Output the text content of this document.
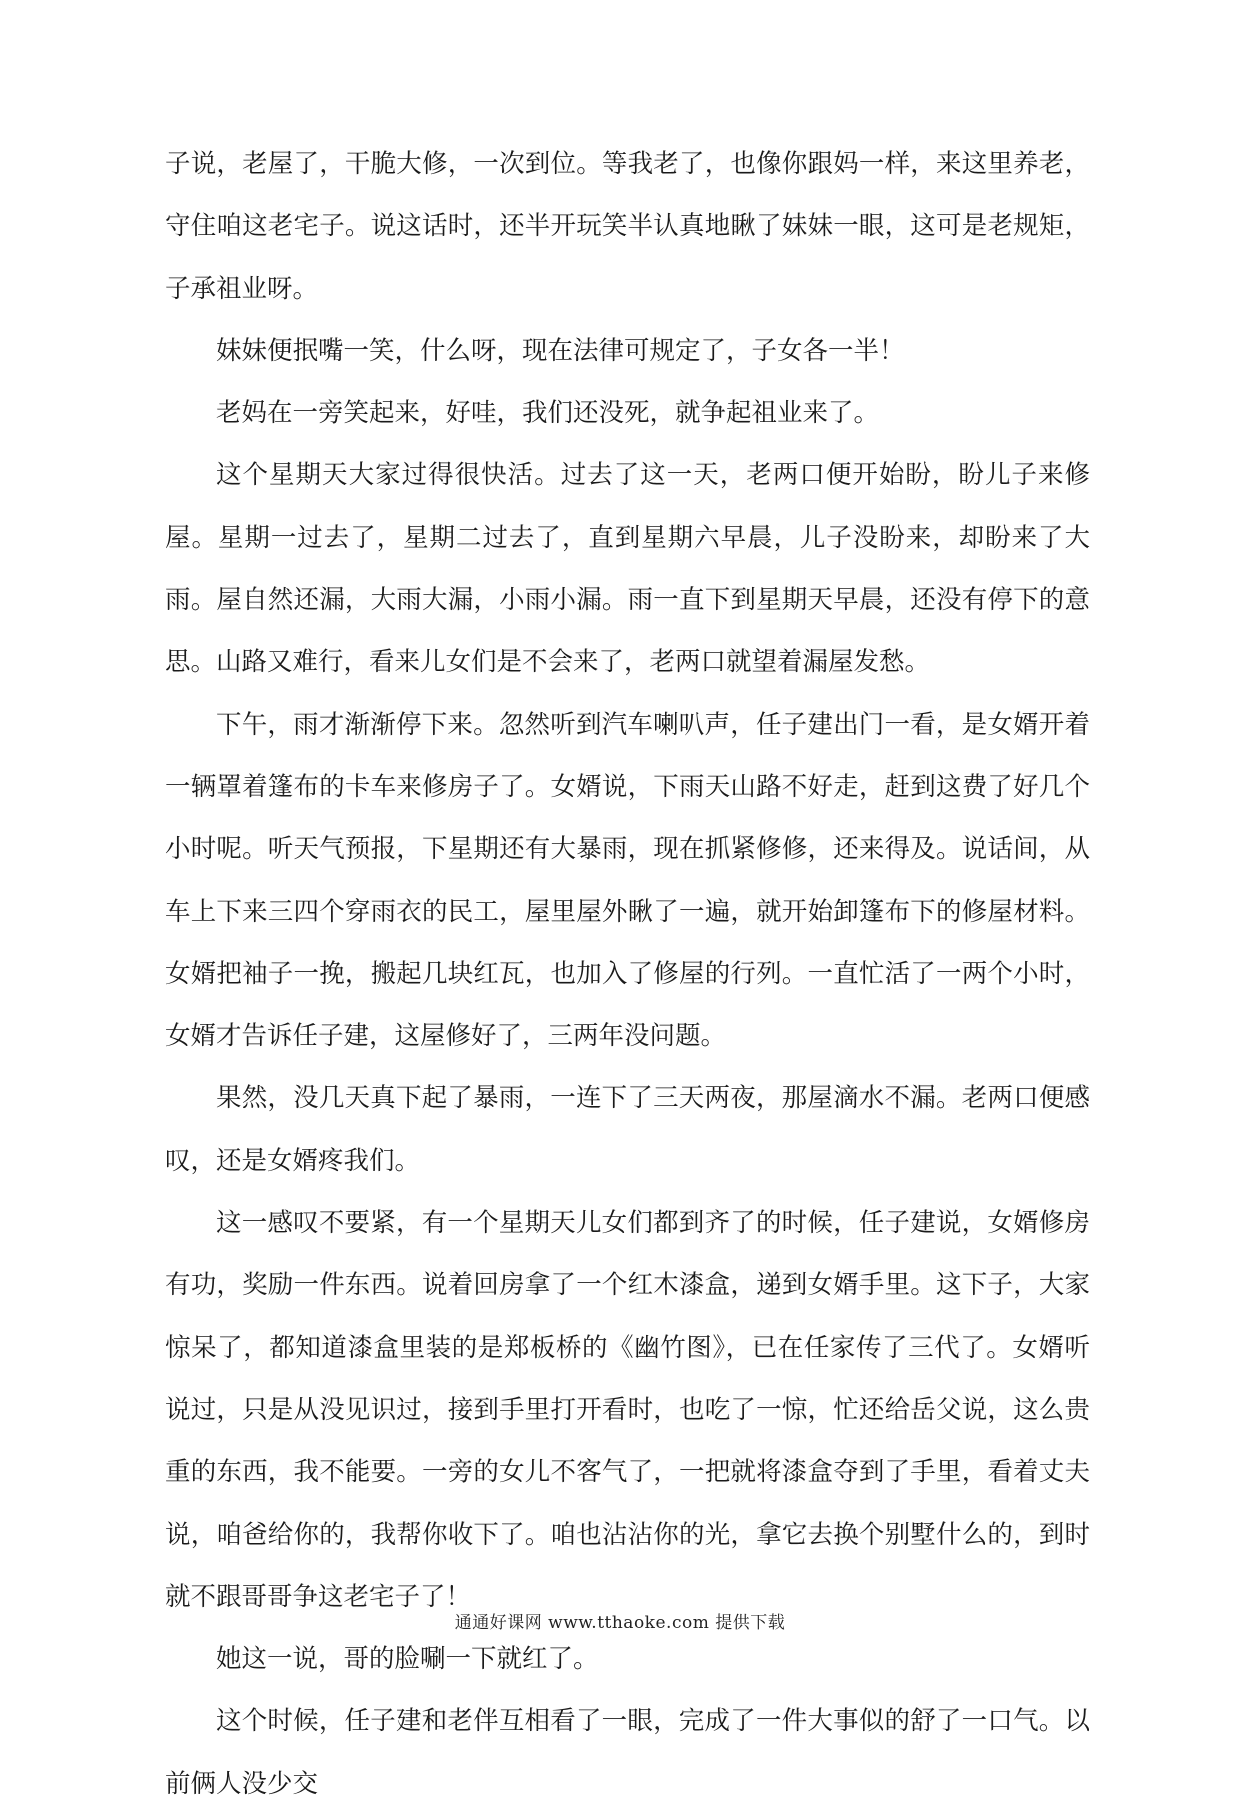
子说，老屋了，干脆大修，一次到位。等我老了，也像你跟妈一样，来这里养老，守住咱这老宅子。说这话时，还半开玩笑半认真地瞅了妹妹一眼，这可是老规矩，子承祖业呀。

妹妹便抿嘴一笑，什么呀，现在法律可规定了，子女各一半！

老妈在一旁笑起来，好哇，我们还没死，就争起祖业来了。

这个星期天大家过得很快活。过去了这一天，老两口便开始盼，盼儿子来修屋。星期一过去了，星期二过去了，直到星期六早晨，儿子没盼来，却盼来了大雨。屋自然还漏，大雨大漏，小雨小漏。雨一直下到星期天早晨，还没有停下的意思。山路又难行，看来儿女们是不会来了，老两口就望着漏屋发愁。

下午，雨才渐渐停下来。忽然听到汽车喇叭声，任子建出门一看，是女婿开着一辆罩着篷布的卡车来修房子了。女婿说，下雨天山路不好走，赶到这费了好几个小时呢。听天气预报，下星期还有大暴雨，现在抓紧修修，还来得及。说话间，从车上下来三四个穿雨衣的民工，屋里屋外瞅了一遍，就开始卸篷布下的修屋材料。女婿把袖子一挽，搬起几块红瓦，也加入了修屋的行列。一直忙活了一两个小时，女婿才告诉任子建，这屋修好了，三两年没问题。

果然，没几天真下起了暴雨，一连下了三天两夜，那屋滴水不漏。老两口便感叹，还是女婿疼我们。

这一感叹不要紧，有一个星期天儿女们都到齐了的时候，任子建说，女婿修房有功，奖励一件东西。说着回房拿了一个红木漆盒，递到女婿手里。这下子，大家惊呆了，都知道漆盒里装的是郑板桥的《幽竹图》，已在任家传了三代了。女婿听说过，只是从没见识过，接到手里打开看时，也吃了一惊，忙还给岳父说，这么贵重的东西，我不能要。一旁的女儿不客气了，一把就将漆盒夺到了手里，看着丈夫说，咱爸给你的，我帮你收下了。咱也沾沾你的光，拿它去换个别墅什么的，到时就不跟哥哥争这老宅子了！

她这一说，哥的脸唰一下就红了。

这个时候，任子建和老伴互相看了一眼，完成了一件大事似的舒了一口气。以前俩人没少交

通通好课网 www.tthaoke.com 提供下载
